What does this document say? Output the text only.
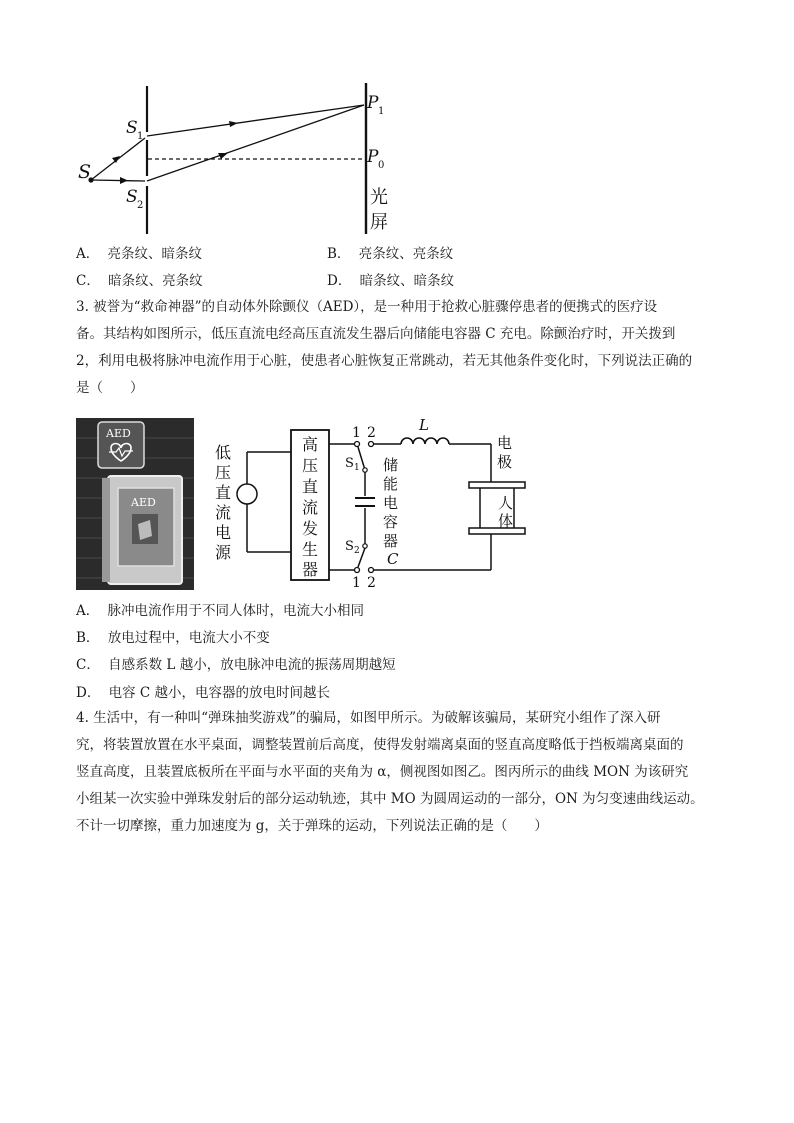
S
S 1
S 2
P 1
P 0
光
屏
A． 亮条纹、暗条纹	B． 亮条纹、亮条纹
C． 暗条纹、亮条纹	D． 暗条纹、暗条纹
3. 被誉为“救命神器”的自动体外除颤仪（AED），是一种用于抢救心脏骤停患者的便携式的医疗设
备。其结构如图所示，低压直流电经高压直流发生器后向储能电容器 C 充电。除颤治疗时，开关拨到
2，利用电极将脉冲电流作用于心脏，使患者心脏恢复正常跳动，若无其他条件变化时，下列说法正确的
是（　　）
AED
AED
低
压
直
流
电
源
高
压
直
流
发
生
器
1 2
1 2
S 1
S 2
L
储
能
电
容
器
C
电
极
人
体
A． 脉冲电流作用于不同人体时，电流大小相同
B． 放电过程中，电流大小不变
C． 自感系数 L 越小，放电脉冲电流的振荡周期越短
D． 电容 C 越小，电容器的放电时间越长
4. 生活中，有一种叫“弹珠抽奖游戏”的骗局，如图甲所示。为破解该骗局，某研究小组作了深入研
究，将装置放置在水平桌面，调整装置前后高度，使得发射端离桌面的竖直高度略低于挡板端离桌面的
竖直高度，且装置底板所在平面与水平面的夹角为 α，侧视图如图乙。图丙所示的曲线 MON 为该研究
小组某一次实验中弹珠发射后的部分运动轨迹，其中 MO 为圆周运动的一部分，ON 为匀变速曲线运动。
不计一切摩擦，重力加速度为 g，关于弹珠的运动，下列说法正确的是（　　）
